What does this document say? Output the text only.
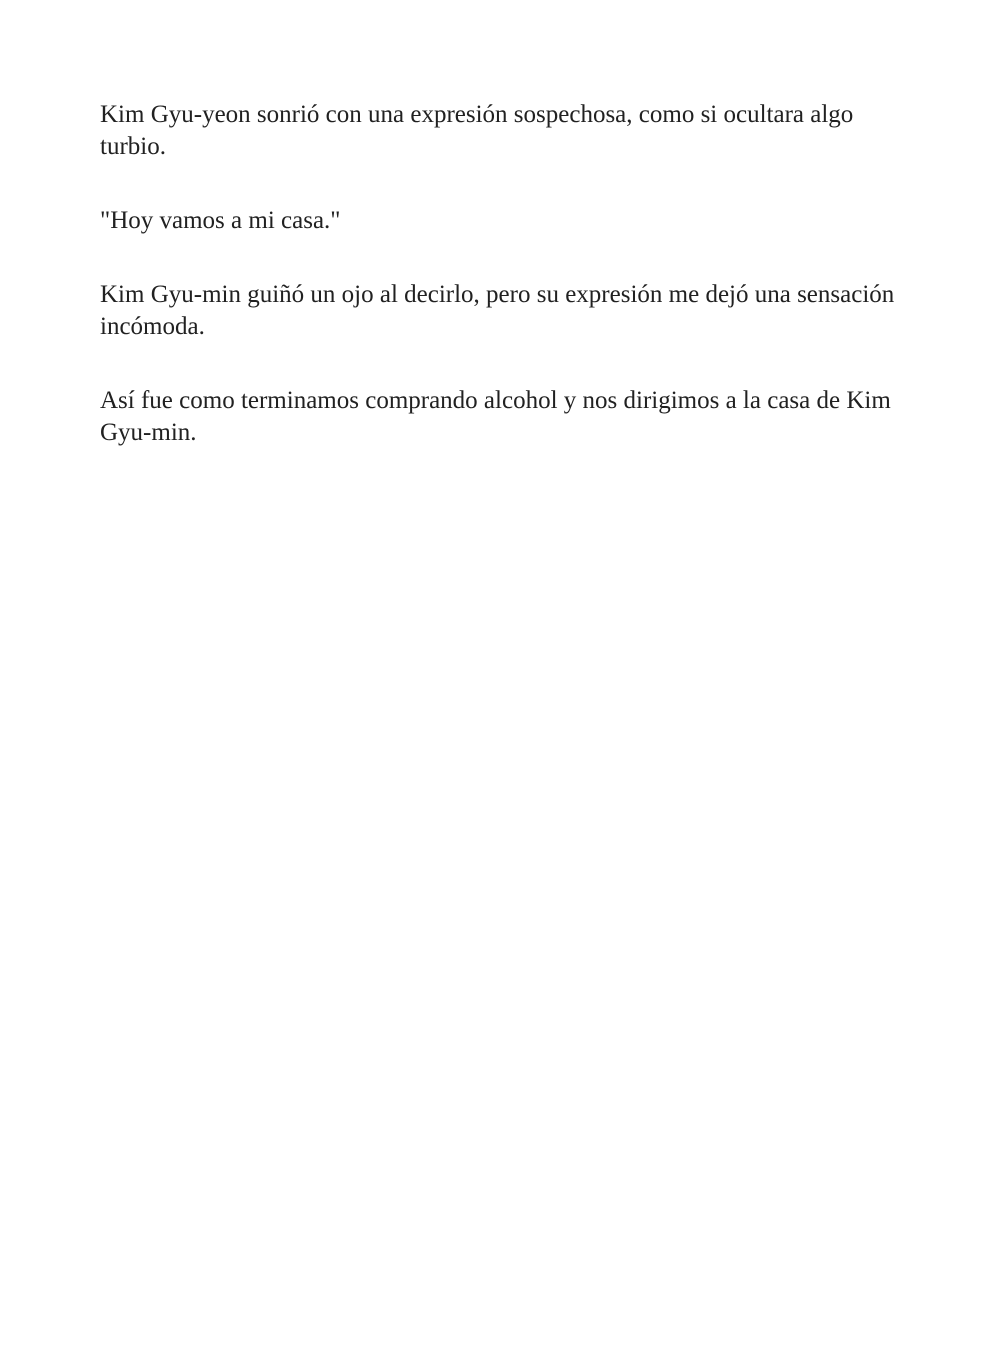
Kim Gyu-yeon sonrió con una expresión sospechosa, como si ocultara algo
turbio.
"Hoy vamos a mi casa."
Kim Gyu-min guiñó un ojo al decirlo, pero su expresión me dejó una sensación
incómoda.
Así fue como terminamos comprando alcohol y nos dirigimos a la casa de Kim
Gyu-min.
